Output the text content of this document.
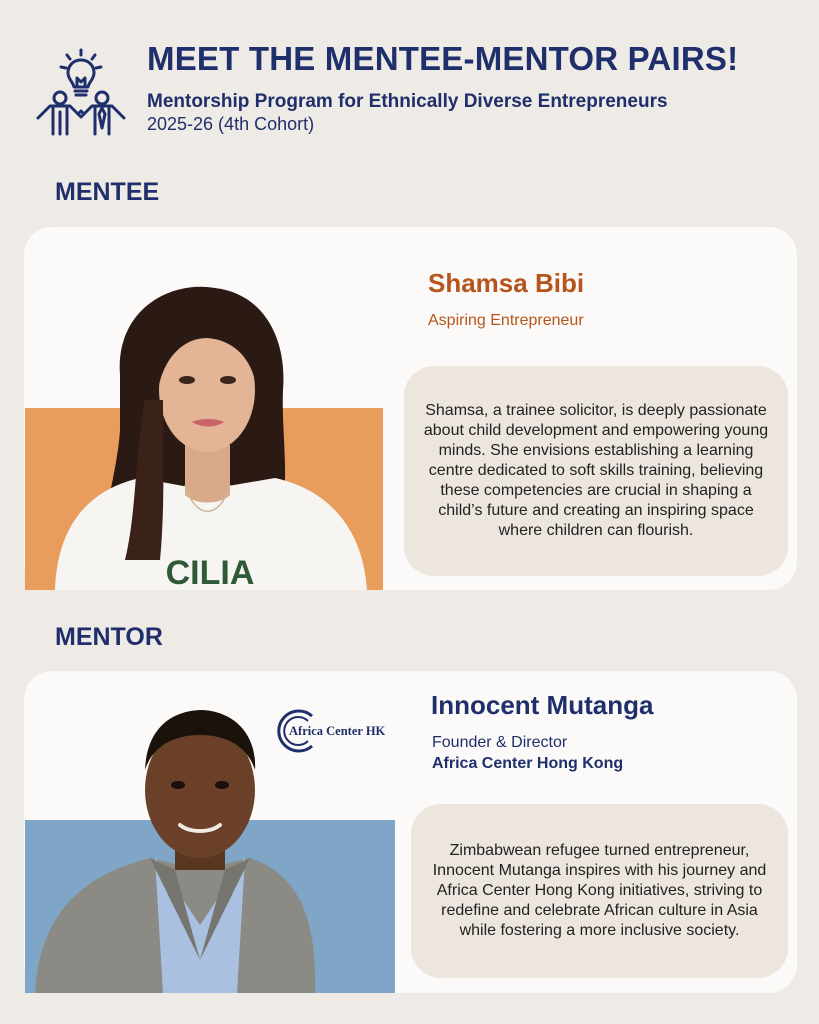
MEET THE MENTEE-MENTOR PAIRS!
Mentorship Program for Ethnically Diverse Entrepreneurs
2025-26 (4th Cohort)
MENTEE
CILIA
Shamsa Bibi
Aspiring Entrepreneur
Shamsa, a trainee solicitor, is deeply passionate about child development and empowering young minds. She envisions establishing a learning centre dedicated to soft skills training, believing these competencies are crucial in shaping a child’s future and creating an inspiring space where children can flourish.
MENTOR
Africa Center HK
Innocent Mutanga
Founder & Director
Africa Center Hong Kong
Zimbabwean refugee turned entrepreneur, Innocent Mutanga inspires with his journey and Africa Center Hong Kong initiatives, striving to redefine and celebrate African culture in Asia while fostering a more inclusive society.
